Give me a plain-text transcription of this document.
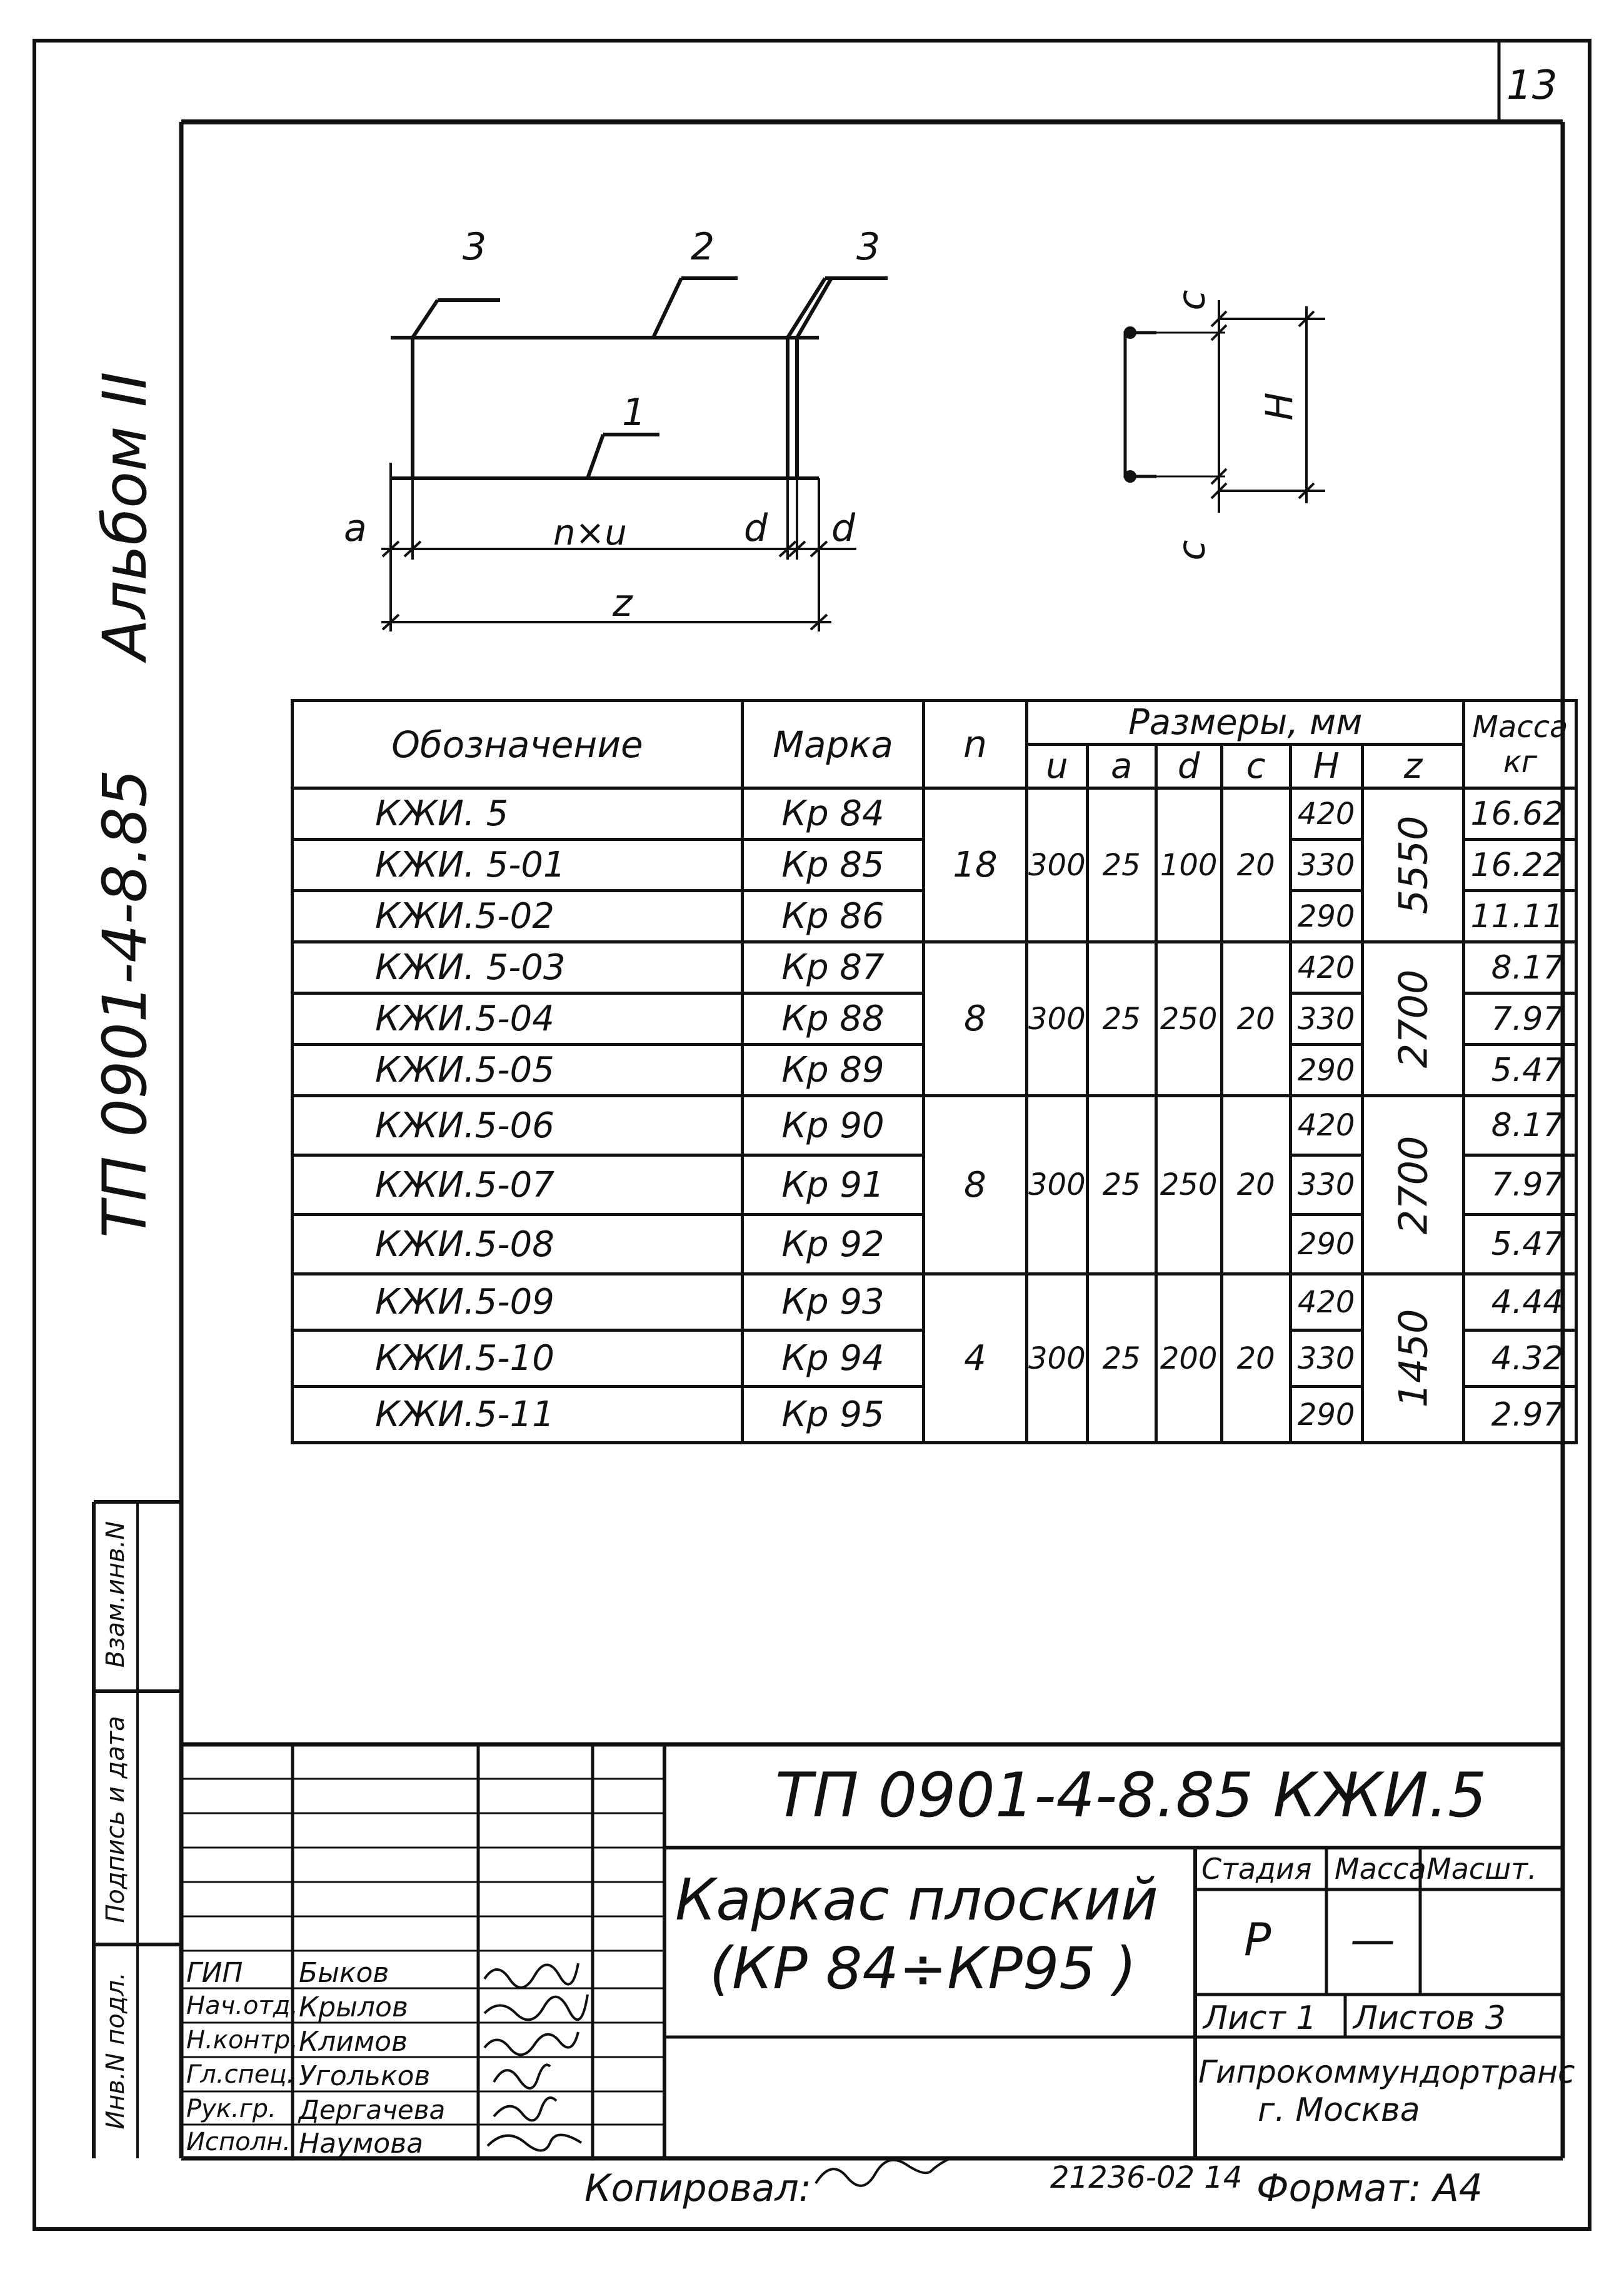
13
Альбом II
ТП 0901-4-8.85
Взам.инв.N
Подпись и дата
Инв.N подл.
3	2	3
1
a	n×u	d d
z
c
c
H
Обозначение	Марка	n	Размеры, мм						Масса кг
			u	a	d	c	H	z	
КЖИ. 5	Кр 84	18	300	25	100	20	420	5550	16.62
КЖИ. 5-01	Кр 85						330		16.22
КЖИ.5-02	Кр 86						290		11.11
КЖИ. 5-03	Кр 87	8	300	25	250	20	420	2700	8.17
КЖИ.5-04	Кр 88						330		7.97
КЖИ.5-05	Кр 89						290		5.47
КЖИ.5-06	Кр 90	8	300	25	250	20	420	2700	8.17
КЖИ.5-07	Кр 91						330		7.97
КЖИ.5-08	Кр 92						290		5.47
КЖИ.5-09	Кр 93	4	300	25	200	20	420	1450	4.44
КЖИ.5-10	Кр 94						330		4.32
КЖИ.5-11	Кр 95						290		2.97
ТП 0901-4-8.85 КЖИ.5
Каркас плоский
(КР 84÷КР95 )
Стадия Масса Масшт.
Р —
Лист 1 Листов 3
Гипрокоммундортранс
г. Москва
ГИП Быков
Нач.отд. Крылов
Н.контр. Климов
Гл.спец. Угольков
Рук.гр. Дергачева
Исполн. Наумова
Копировал:	21236-02 14 Формат: А4
